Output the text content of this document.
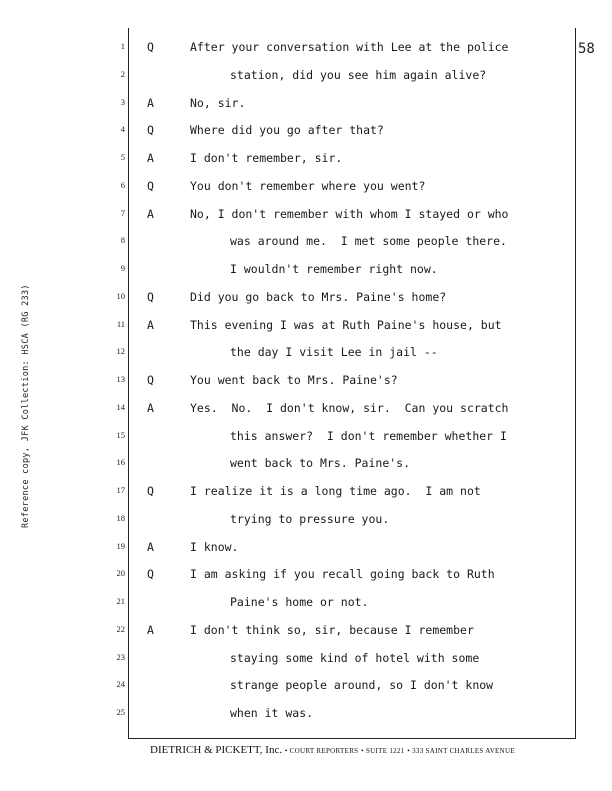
Reference copy, JFK Collection: HSCA (RG 233)
58
1
2
3
4
5
6
7
8
9
10
11
12
13
14
15
16
17
18
19
20
21
22
23
24
25
Q	After your conversation with Lee at the police
station, did you see him again alive?
A	No, sir.
Q	Where did you go after that?
A	I don't remember, sir.
Q	You don't remember where you went?
A	No, I don't remember with whom I stayed or who
was around me.  I met some people there.
I wouldn't remember right now.
Q	Did you go back to Mrs. Paine's home?
A	This evening I was at Ruth Paine's house, but
the day I visit Lee in jail --
Q	You went back to Mrs. Paine's?
A	Yes.  No.  I don't know, sir.  Can you scratch
this answer?  I don't remember whether I
went back to Mrs. Paine's.
Q	I realize it is a long time ago.  I am not
trying to pressure you.
A	I know.
Q	I am asking if you recall going back to Ruth
Paine's home or not.
A	I don't think so, sir, because I remember
staying some kind of hotel with some
strange people around, so I don't know
when it was.
DIETRICH & PICKETT, Inc. • COURT REPORTERS • SUITE 1221 • 333 SAINT CHARLES AVENUE
